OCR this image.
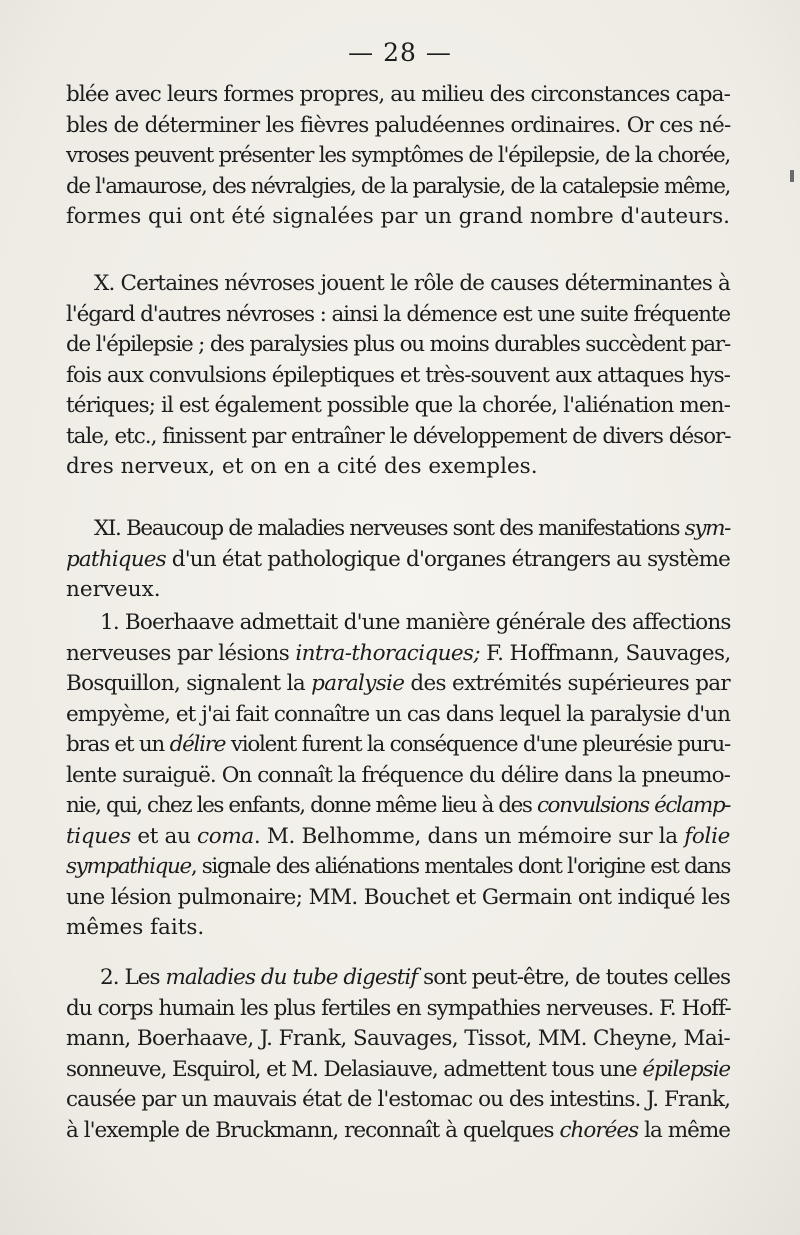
— 28 —
blée avec leurs formes propres, au milieu des circonstances capa-
bles de déterminer les fièvres paludéennes ordinaires. Or ces né-
vroses peuvent présenter les symptômes de l'épilepsie, de la chorée,
de l'amaurose, des névralgies, de la paralysie, de la catalepsie même,
formes qui ont été signalées par un grand nombre d'auteurs.
X. Certaines névroses jouent le rôle de causes déterminantes à
l'égard d'autres névroses : ainsi la démence est une suite fréquente
de l'épilepsie ; des paralysies plus ou moins durables succèdent par-
fois aux convulsions épileptiques et très-souvent aux attaques hys-
tériques; il est également possible que la chorée, l'aliénation men-
tale, etc., finissent par entraîner le développement de divers désor-
dres nerveux, et on en a cité des exemples.
XI. Beaucoup de maladies nerveuses sont des manifestations sym-
pathiques d'un état pathologique d'organes étrangers au système
nerveux.
1. Boerhaave admettait d'une manière générale des affections
nerveuses par lésions intra-thoraciques; F. Hoffmann, Sauvages,
Bosquillon, signalent la paralysie des extrémités supérieures par
empyème, et j'ai fait connaître un cas dans lequel la paralysie d'un
bras et un délire violent furent la conséquence d'une pleurésie puru-
lente suraiguë. On connaît la fréquence du délire dans la pneumo-
nie, qui, chez les enfants, donne même lieu à des convulsions éclamp-
tiques et au coma. M. Belhomme, dans un mémoire sur la folie
sympathique, signale des aliénations mentales dont l'origine est dans
une lésion pulmonaire; MM. Bouchet et Germain ont indiqué les
mêmes faits.
2. Les maladies du tube digestif sont peut-être, de toutes celles
du corps humain les plus fertiles en sympathies nerveuses. F. Hoff-
mann, Boerhaave, J. Frank, Sauvages, Tissot, MM. Cheyne, Mai-
sonneuve, Esquirol, et M. Delasiauve, admettent tous une épilepsie
causée par un mauvais état de l'estomac ou des intestins. J. Frank,
à l'exemple de Bruckmann, reconnaît à quelques chorées la même
